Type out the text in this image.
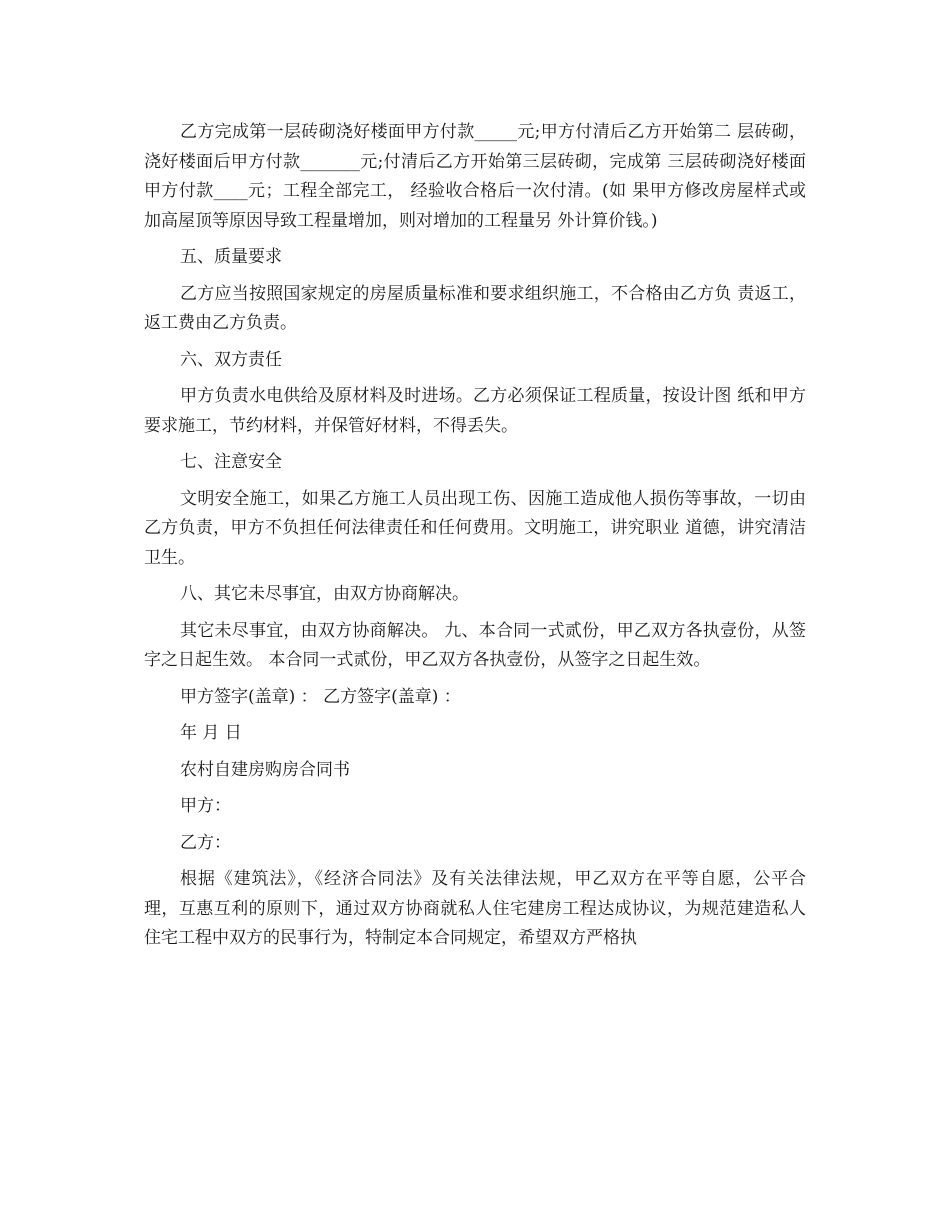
乙方完成第一层砖砌浇好楼面甲方付款_____元;甲方付清后乙方开始第二 层砖砌，浇好楼面后甲方付款_______元;付清后乙方开始第三层砖砌，完成第 三层砖砌浇好楼面甲方付款____元；工程全部完工， 经验收合格后一次付清。(如 果甲方修改房屋样式或加高屋顶等原因导致工程量增加，则对增加的工程量另 外计算价钱。)

五、质量要求

乙方应当按照国家规定的房屋质量标准和要求组织施工，不合格由乙方负 责返工，返工费由乙方负责。

六、双方责任

甲方负责水电供给及原材料及时进场。乙方必须保证工程质量，按设计图 纸和甲方要求施工，节约材料，并保管好材料，不得丢失。

七、注意安全

文明安全施工，如果乙方施工人员出现工伤、因施工造成他人损伤等事故，一切由乙方负责，甲方不负担任何法律责任和任何费用。文明施工，讲究职业 道德，讲究清洁卫生。

八、其它未尽事宜，由双方协商解决。

其它未尽事宜，由双方协商解决。 九、本合同一式贰份，甲乙双方各执壹份，从签字之日起生效。 本合同一式贰份，甲乙双方各执壹份，从签字之日起生效。

甲方签字(盖章) ： 乙方签字(盖章) ：

年 月 日

农村自建房购房合同书

甲方：

乙方：

根据《建筑法》，《经济合同法》及有关法律法规，甲乙双方在平等自愿，公平合理，互惠互利的原则下，通过双方协商就私人住宅建房工程达成协议，为规范建造私人住宅工程中双方的民事行为，特制定本合同规定，希望双方严格执
